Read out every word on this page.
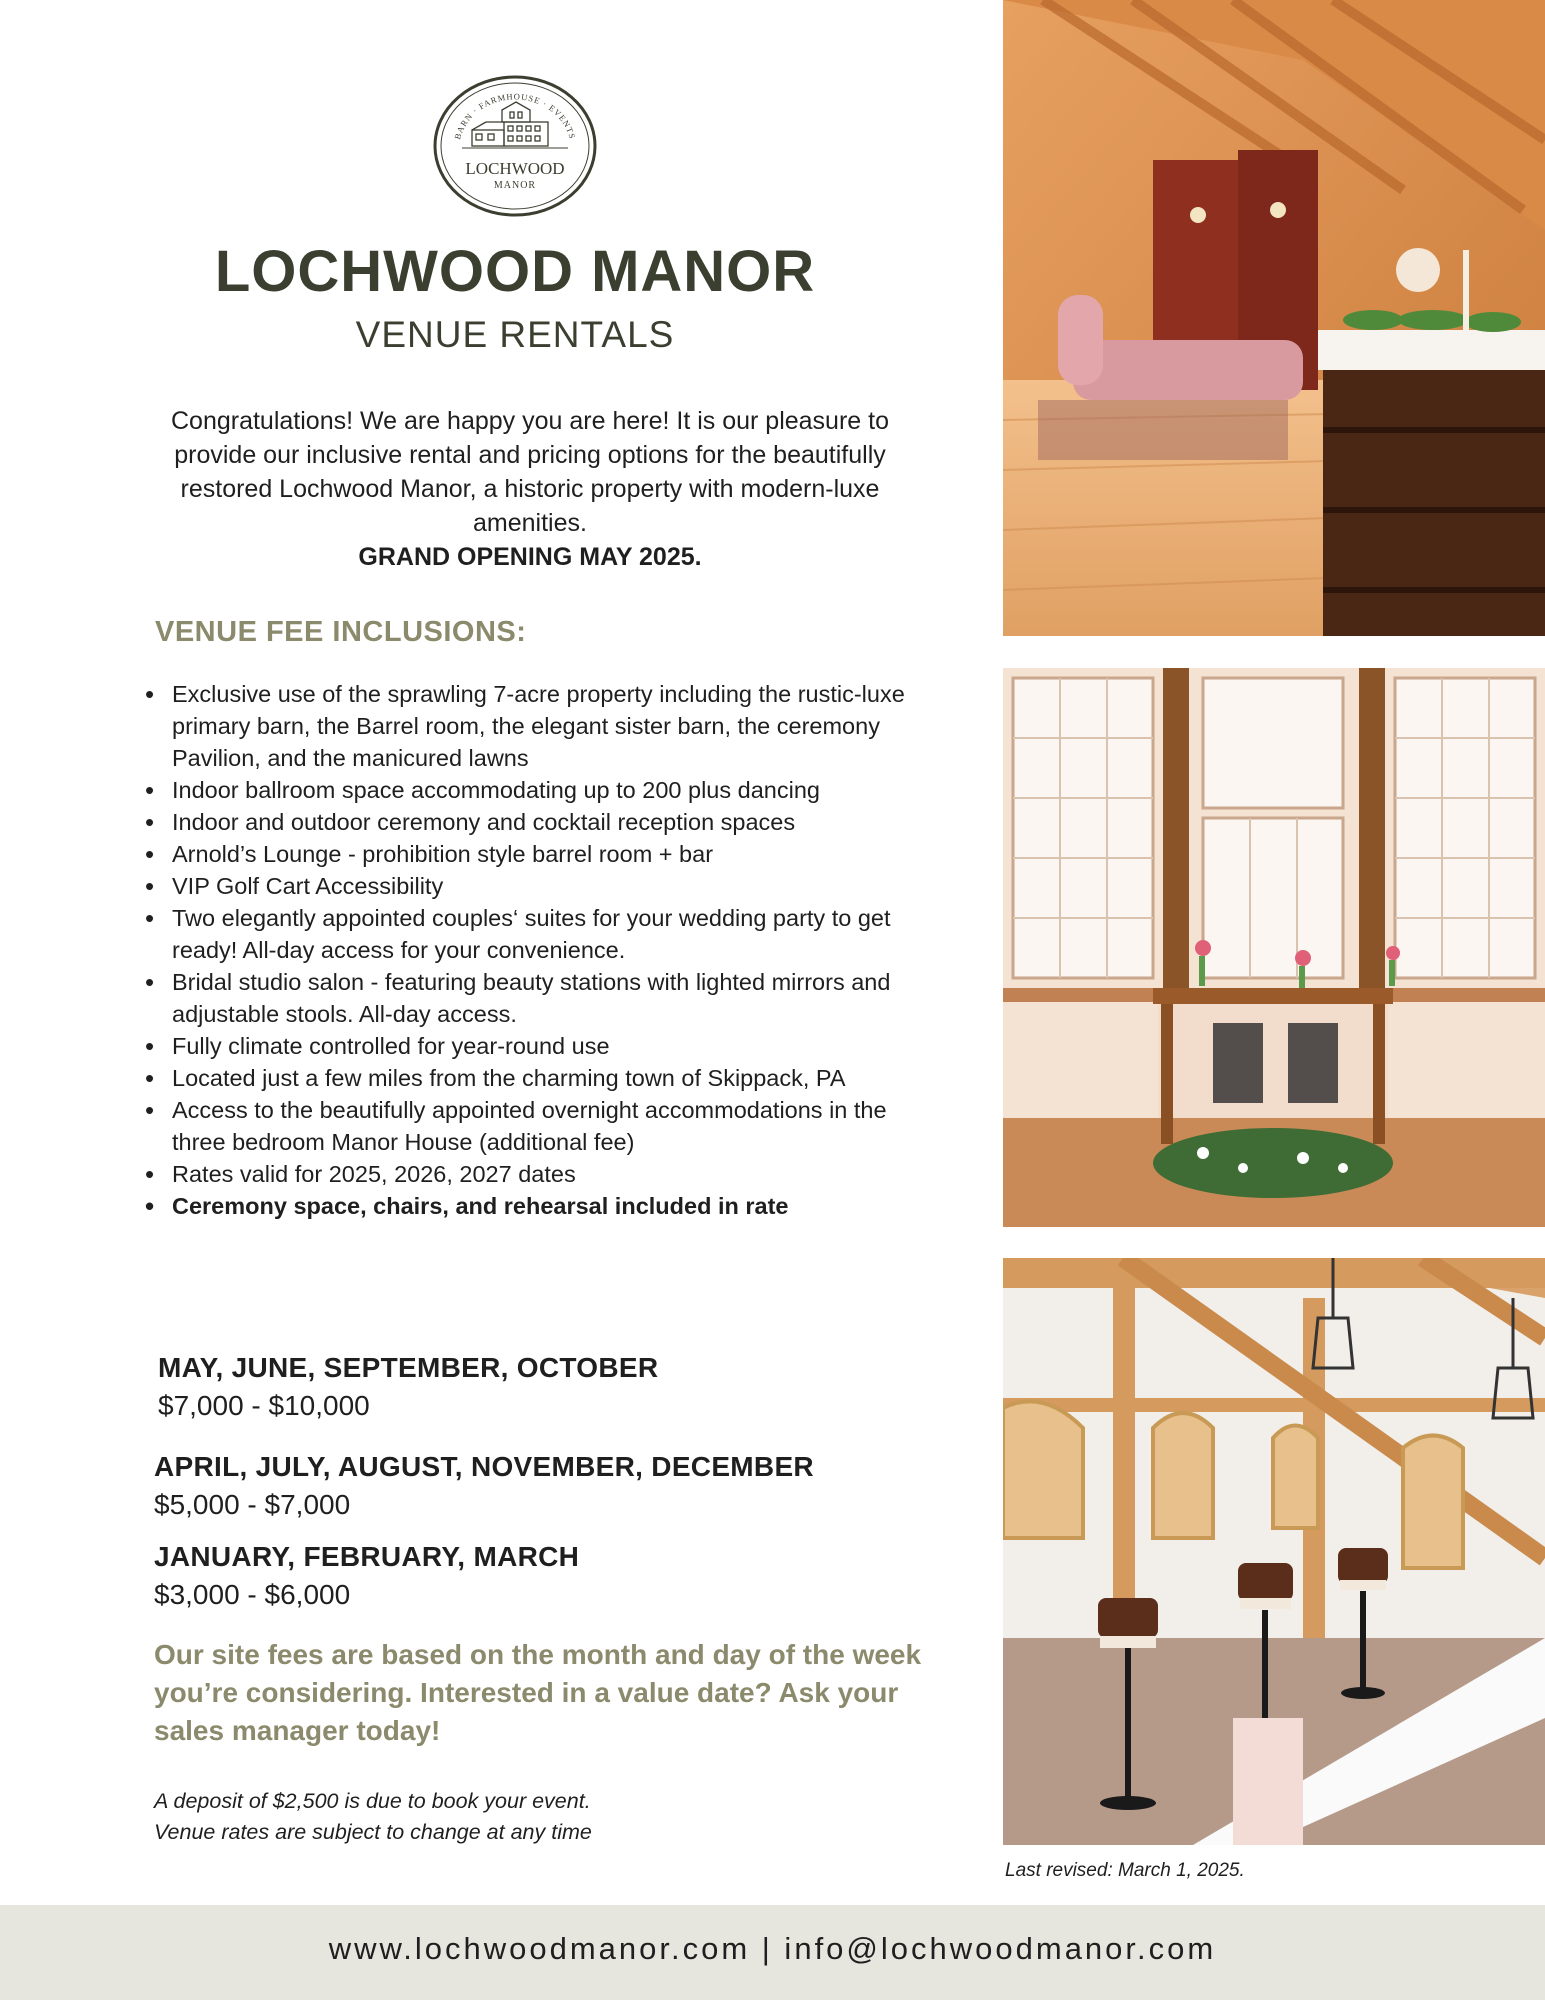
BARN · FARMHOUSE · EVENTS
LOCHWOOD
MANOR
LOCHWOOD MANOR
VENUE RENTALS
Congratulations! We are happy you are here! It is our pleasure to provide our inclusive rental and pricing options for the beautifully restored Lochwood Manor, a historic property with modern-luxe amenities.
GRAND OPENING MAY 2025.
VENUE FEE INCLUSIONS:
• Exclusive use of the sprawling 7-acre property including the rustic-luxe primary barn, the Barrel room, the elegant sister barn, the ceremony Pavilion, and the manicured lawns
• Indoor ballroom space accommodating up to 200 plus dancing
• Indoor and outdoor ceremony and cocktail reception spaces
• Arnold’s Lounge - prohibition style barrel room + bar
• VIP Golf Cart Accessibility
• Two elegantly appointed couples‘ suites for your wedding party to get ready! All-day access for your convenience.
• Bridal studio salon - featuring beauty stations with lighted mirrors and adjustable stools. All-day access.
• Fully climate controlled for year-round use
• Located just a few miles from the charming town of Skippack, PA
• Access to the beautifully appointed overnight accommodations in the three bedroom Manor House (additional fee)
• Rates valid for 2025, 2026, 2027 dates
• Ceremony space, chairs, and rehearsal included in rate
MAY, JUNE, SEPTEMBER, OCTOBER
$7,000 - $10,000
APRIL, JULY, AUGUST, NOVEMBER, DECEMBER
$5,000 - $7,000
JANUARY, FEBRUARY, MARCH
$3,000 - $6,000
Our site fees are based on the month and day of the week you’re considering. Interested in a value date? Ask your sales manager today!
A deposit of $2,500 is due to book your event.
Venue rates are subject to change at any time
Last revised: March 1, 2025.
www.lochwoodmanor.com | info@lochwoodmanor.com
